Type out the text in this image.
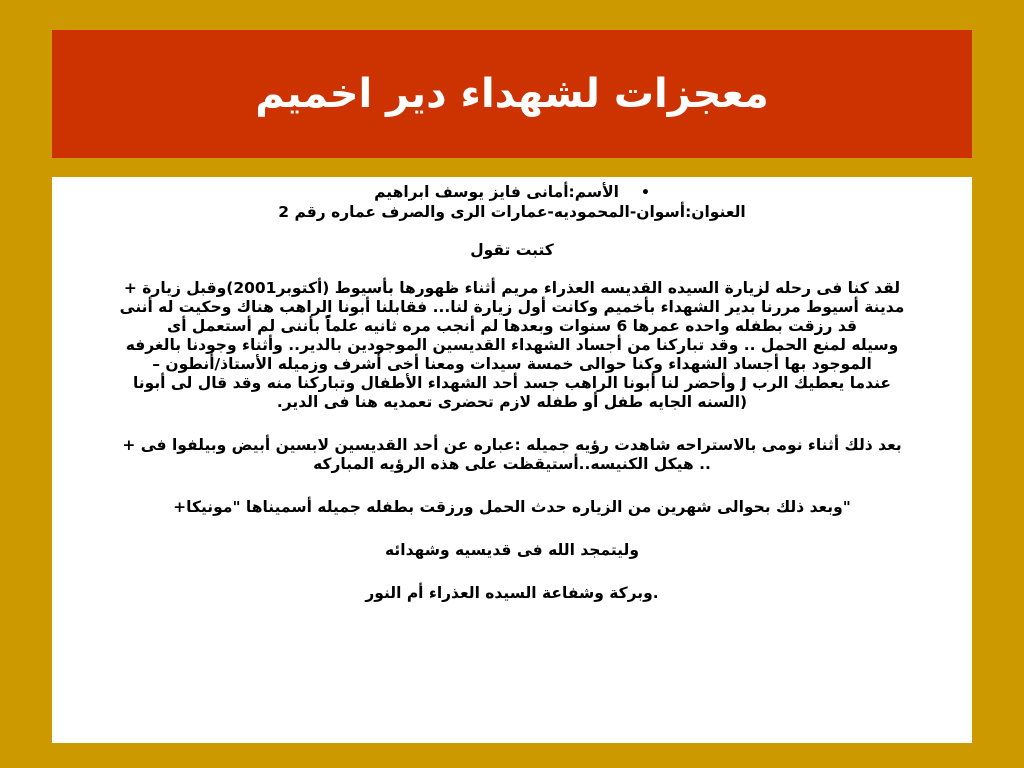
معجزات لشهداء دير اخميم

•الأسم:أمانى فايز يوسف ابراهيم

العنوان:أسوان-المحموديه-عمارات الرى والصرف عماره رقم 2

كتبت تقول

لقد كنا فى رحله لزيارة السيده القديسه العذراء مريم أثناء ظهورها بأسيوط (أكتوبر2001)وقبل زيارة +

مدينة أسيوط مررنا بدير الشهداء بأخميم وكانت أول زيارة لنا... فقابلنا أبونا الراهب هناك وحكيت له أننى

قد رزقت بطفله واحده عمرها 6 سنوات وبعدها لم أنجب مره ثانيه علماًًًًًًً بأننى لم أستعمل أى

وسيله لمنع الحمل .. وقد تباركنا من أجساد الشهداء القديسين الموجودين بالدير.. وأثناء وجودنا بالغرفه

الموجود بها أجساد الشهداء وكنا حوالى خمسة سيدات ومعنا أخى أشرف وزميله الأستاذ/أنطون –

عندما يعطيك الرب J وأحضر لنا أبونا الراهب جسد أحد الشهداء الأطفال وتباركنا منه وقد قال لى أبونا

(السنه الجايه طفل أو طفله لازم تحضرى تعمديه هنا فى الدير.

بعد ذلك أثناء نومى بالاستراحه شاهدت رؤيه جميله :عباره عن أحد القديسين لابسين أبيض وبيلفوا فى +

.. هيكل الكنيسه..أستيقظت على هذه الرؤيه المباركه

"وبعد ذلك بحوالى شهرين من الزياره حدث الحمل ورزقت بطفله جميله أسميناها "مونيكا+

وليتمجد الله فى قديسيه وشهدائه

.وبركة وشفاعة السيده العذراء أم النور
